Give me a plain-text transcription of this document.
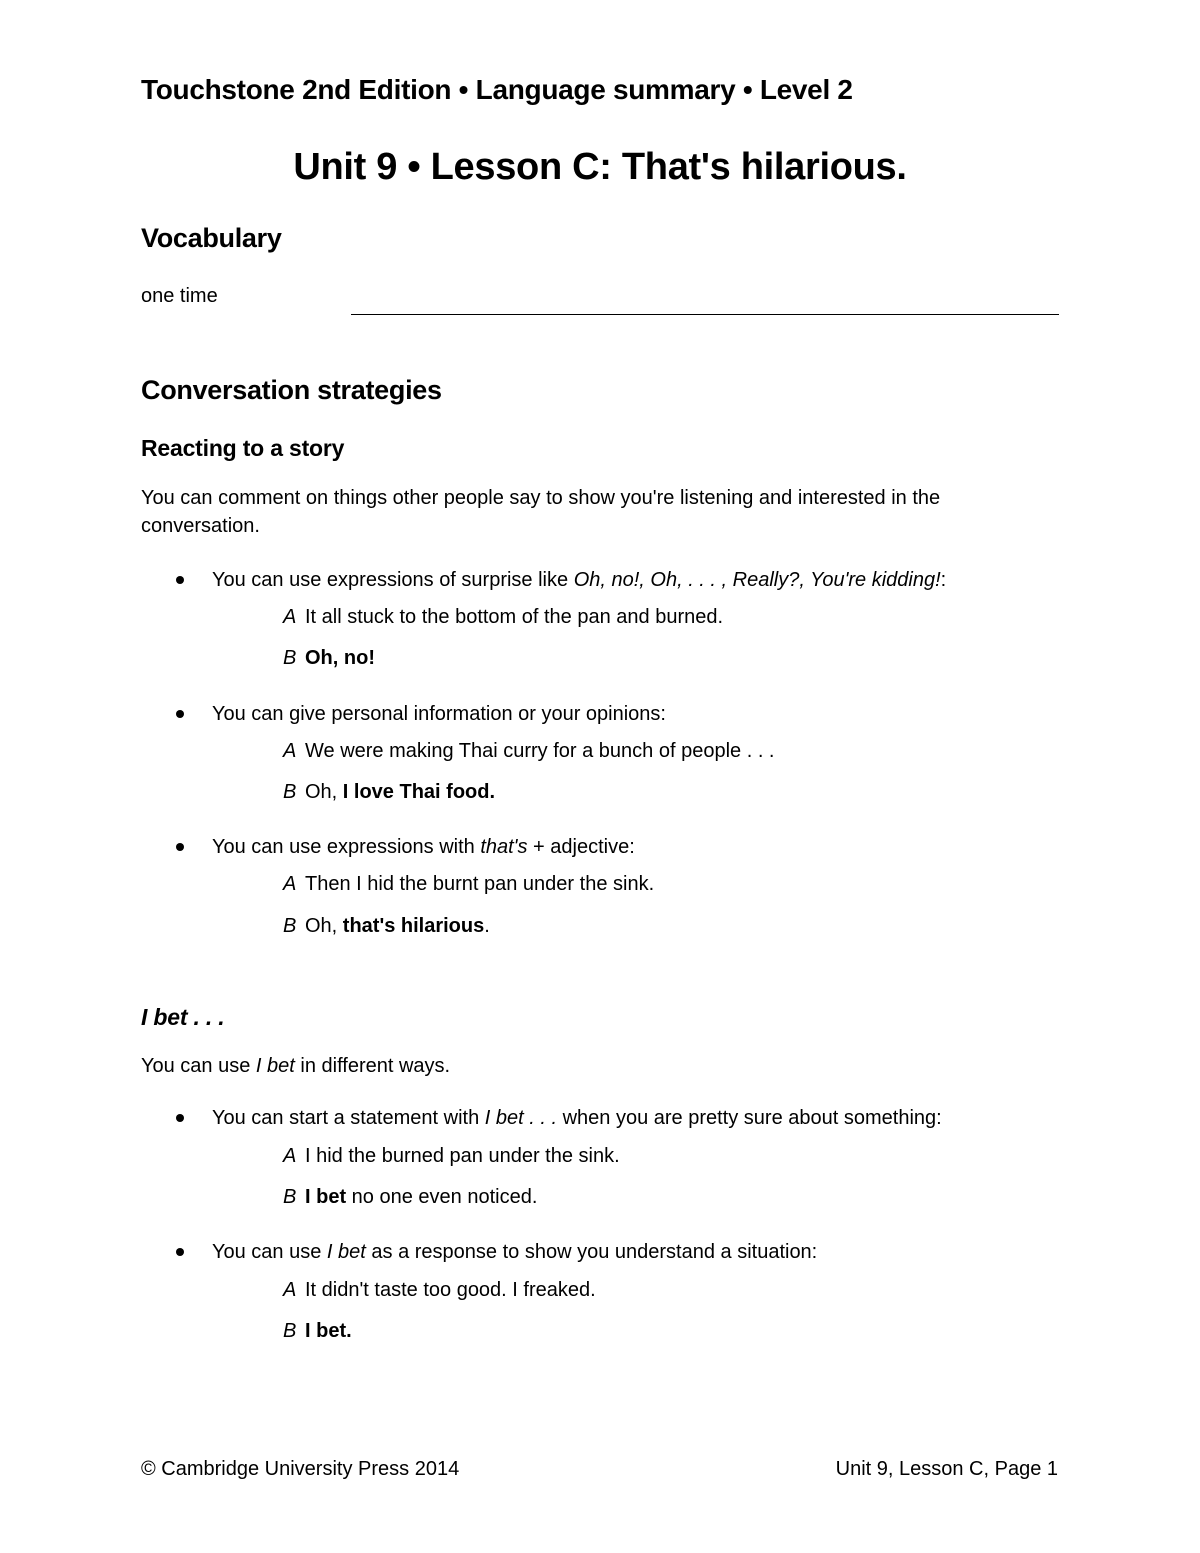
Touchstone 2nd Edition • Language summary • Level 2
Unit 9 • Lesson C: That's hilarious.
Vocabulary
one time
Conversation strategies
Reacting to a story
You can comment on things other people say to show you're listening and interested in the
conversation.
You can use expressions of surprise like Oh, no!, Oh, . . . , Really?, You're kidding!:
A It all stuck to the bottom of the pan and burned.
B Oh, no!
You can give personal information or your opinions:
A We were making Thai curry for a bunch of people . . .
B Oh, I love Thai food.
You can use expressions with that's + adjective:
A Then I hid the burnt pan under the sink.
B Oh, that's hilarious.
I bet . . .
You can use I bet in different ways.
You can start a statement with I bet . . . when you are pretty sure about something:
A I hid the burned pan under the sink.
B I bet no one even noticed.
You can use I bet as a response to show you understand a situation:
A It didn't taste too good. I freaked.
B I bet.
© Cambridge University Press 2014	Unit 9, Lesson C, Page 1
